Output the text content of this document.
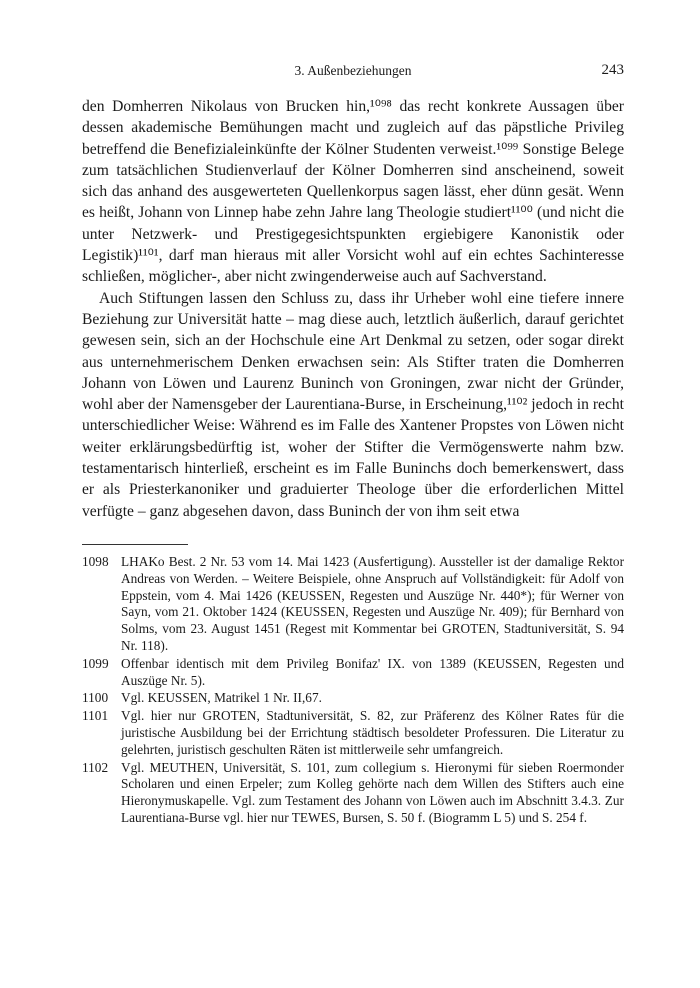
3. Außenbeziehungen	243

den Domherren Nikolaus von Brucken hin,¹⁰⁹⁸ das recht konkrete Aussagen über dessen akademische Bemühungen macht und zugleich auf das päpstliche Privileg betreffend die Benefizialeinkünfte der Kölner Studenten verweist.¹⁰⁹⁹ Sonstige Belege zum tatsächlichen Studienverlauf der Kölner Domherren sind anscheinend, soweit sich das anhand des ausgewerteten Quellenkorpus sagen lässt, eher dünn gesät. Wenn es heißt, Johann von Linnep habe zehn Jahre lang Theologie studiert¹¹⁰⁰ (und nicht die unter Netzwerk- und Prestigegesichtspunkten ergiebigere Kanonistik oder Legistik)¹¹⁰¹, darf man hieraus mit aller Vorsicht wohl auf ein echtes Sachinteresse schließen, möglicher-, aber nicht zwingenderweise auch auf Sachverstand.

Auch Stiftungen lassen den Schluss zu, dass ihr Urheber wohl eine tiefere innere Beziehung zur Universität hatte – mag diese auch, letztlich äußerlich, darauf gerichtet gewesen sein, sich an der Hochschule eine Art Denkmal zu setzen, oder sogar direkt aus unternehmerischem Denken erwachsen sein: Als Stifter traten die Domherren Johann von Löwen und Laurenz Buninch von Groningen, zwar nicht der Gründer, wohl aber der Namensgeber der Laurentiana-Burse, in Erscheinung,¹¹⁰² jedoch in recht unterschiedlicher Weise: Während es im Falle des Xantener Propstes von Löwen nicht weiter erklärungsbedürftig ist, woher der Stifter die Vermögenswerte nahm bzw. testamentarisch hinterließ, erscheint es im Falle Buninchs doch bemerkenswert, dass er als Priesterkanoniker und graduierter Theologe über die erforderlichen Mittel verfügte – ganz abgesehen davon, dass Buninch der von ihm seit etwa

1098 LHAKo Best. 2 Nr. 53 vom 14. Mai 1423 (Ausfertigung). Aussteller ist der damalige Rektor Andreas von Werden. – Weitere Beispiele, ohne Anspruch auf Vollständigkeit: für Adolf von Eppstein, vom 4. Mai 1426 (KEUSSEN, Regesten und Auszüge Nr. 440*); für Werner von Sayn, vom 21. Oktober 1424 (KEUSSEN, Regesten und Auszüge Nr. 409); für Bernhard von Solms, vom 23. August 1451 (Regest mit Kommentar bei GROTEN, Stadtuniversität, S. 94 Nr. 118).

1099 Offenbar identisch mit dem Privileg Bonifaz' IX. von 1389 (KEUSSEN, Regesten und Auszüge Nr. 5).

1100 Vgl. KEUSSEN, Matrikel 1 Nr. II,67.

1101 Vgl. hier nur GROTEN, Stadtuniversität, S. 82, zur Präferenz des Kölner Rates für die juristische Ausbildung bei der Errichtung städtisch besoldeter Professuren. Die Literatur zu gelehrten, juristisch geschulten Räten ist mittlerweile sehr umfangreich.

1102 Vgl. MEUTHEN, Universität, S. 101, zum collegium s. Hieronymi für sieben Roermonder Scholaren und einen Erpeler; zum Kolleg gehörte nach dem Willen des Stifters auch eine Hieronymuskapelle. Vgl. zum Testament des Johann von Löwen auch im Abschnitt 3.4.3. Zur Laurentiana-Burse vgl. hier nur TEWES, Bursen, S. 50 f. (Biogramm L 5) und S. 254 f.
